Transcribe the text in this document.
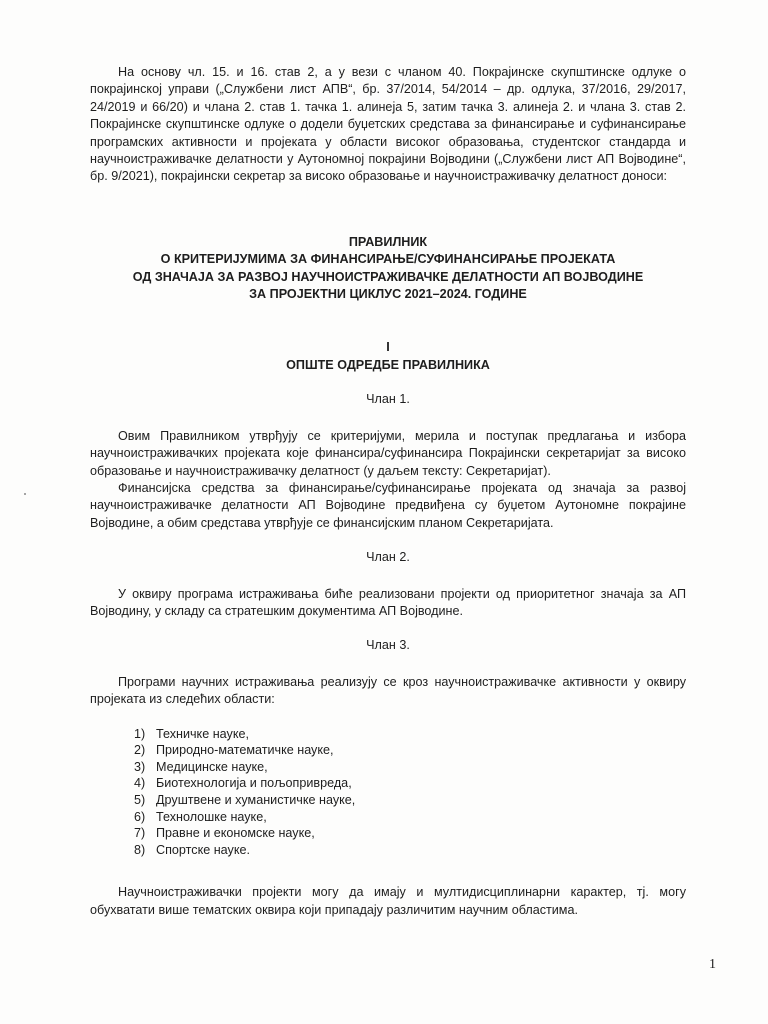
На основу чл. 15. и 16. став 2, а у вези с чланом 40. Покрајинске скупштинске одлуке о покрајинској управи („Службени лист АПВ“, бр. 37/2014, 54/2014 – др. одлука, 37/2016, 29/2017, 24/2019 и 66/20) и члана 2. став 1. тачка 1. алинеја 5, затим тачка 3. алинеја 2. и члана 3. став 2. Покрајинске скупштинске одлуке о додели буџетских средстава за финансирање и суфинансирање програмских активности и пројеката у области високог образовања, студентског стандарда и научноистраживачке делатности у Аутономној покрајини Војводини („Службени лист АП Војводине“, бр. 9/2021), покрајински секретар за високо образовање и научноистраживачку делатност доноси:

ПРАВИЛНИК
О КРИТЕРИЈУМИМА ЗА ФИНАНСИРАЊЕ/СУФИНАНСИРАЊЕ ПРОЈЕКАТА
ОД ЗНАЧАЈА ЗА РАЗВОЈ НАУЧНОИСТРАЖИВАЧКЕ ДЕЛАТНОСТИ АП ВОЈВОДИНЕ
ЗА ПРОЈЕКТНИ ЦИКЛУС 2021–2024. ГОДИНЕ
I
ОПШТЕ ОДРЕДБЕ ПРАВИЛНИКА
Члан 1.

Овим Правилником утврђују се критеријуми, мерила и поступак предлагања и избора научноистраживачких пројеката које финансира/суфинансира Покрајински секретаријат за високо образовање и научноистраживачку делатност (у даљем тексту: Секретаријат).

Финансијска средства за финансирање/суфинансирање пројеката од значаја за развој научноистраживачке делатности АП Војводине предвиђена су буџетом Аутономне покрајине Војводине, а обим средстава утврђује се финансијским планом Секретаријата.

Члан 2.

У оквиру програма истраживања биће реализовани пројекти од приоритетног значаја за АП Војводину, у складу са стратешким документима АП Војводине.

Члан 3.

Програми научних истраживања реализују се кроз научноистраживачке активности у оквиру пројеката из следећих области:

1) Техничке науке,
2) Природно-математичке науке,
3) Медицинске науке,
4) Биотехнологија и пољопривреда,
5) Друштвене и хуманистичке науке,
6) Технолошке науке,
7) Правне и економске науке,
8) Спортске науке.

Научноистраживачки пројекти могу да имају и мултидисциплинарни карактер, тј. могу обухватати више тематских оквира који припадају различитим научним областима.

1
